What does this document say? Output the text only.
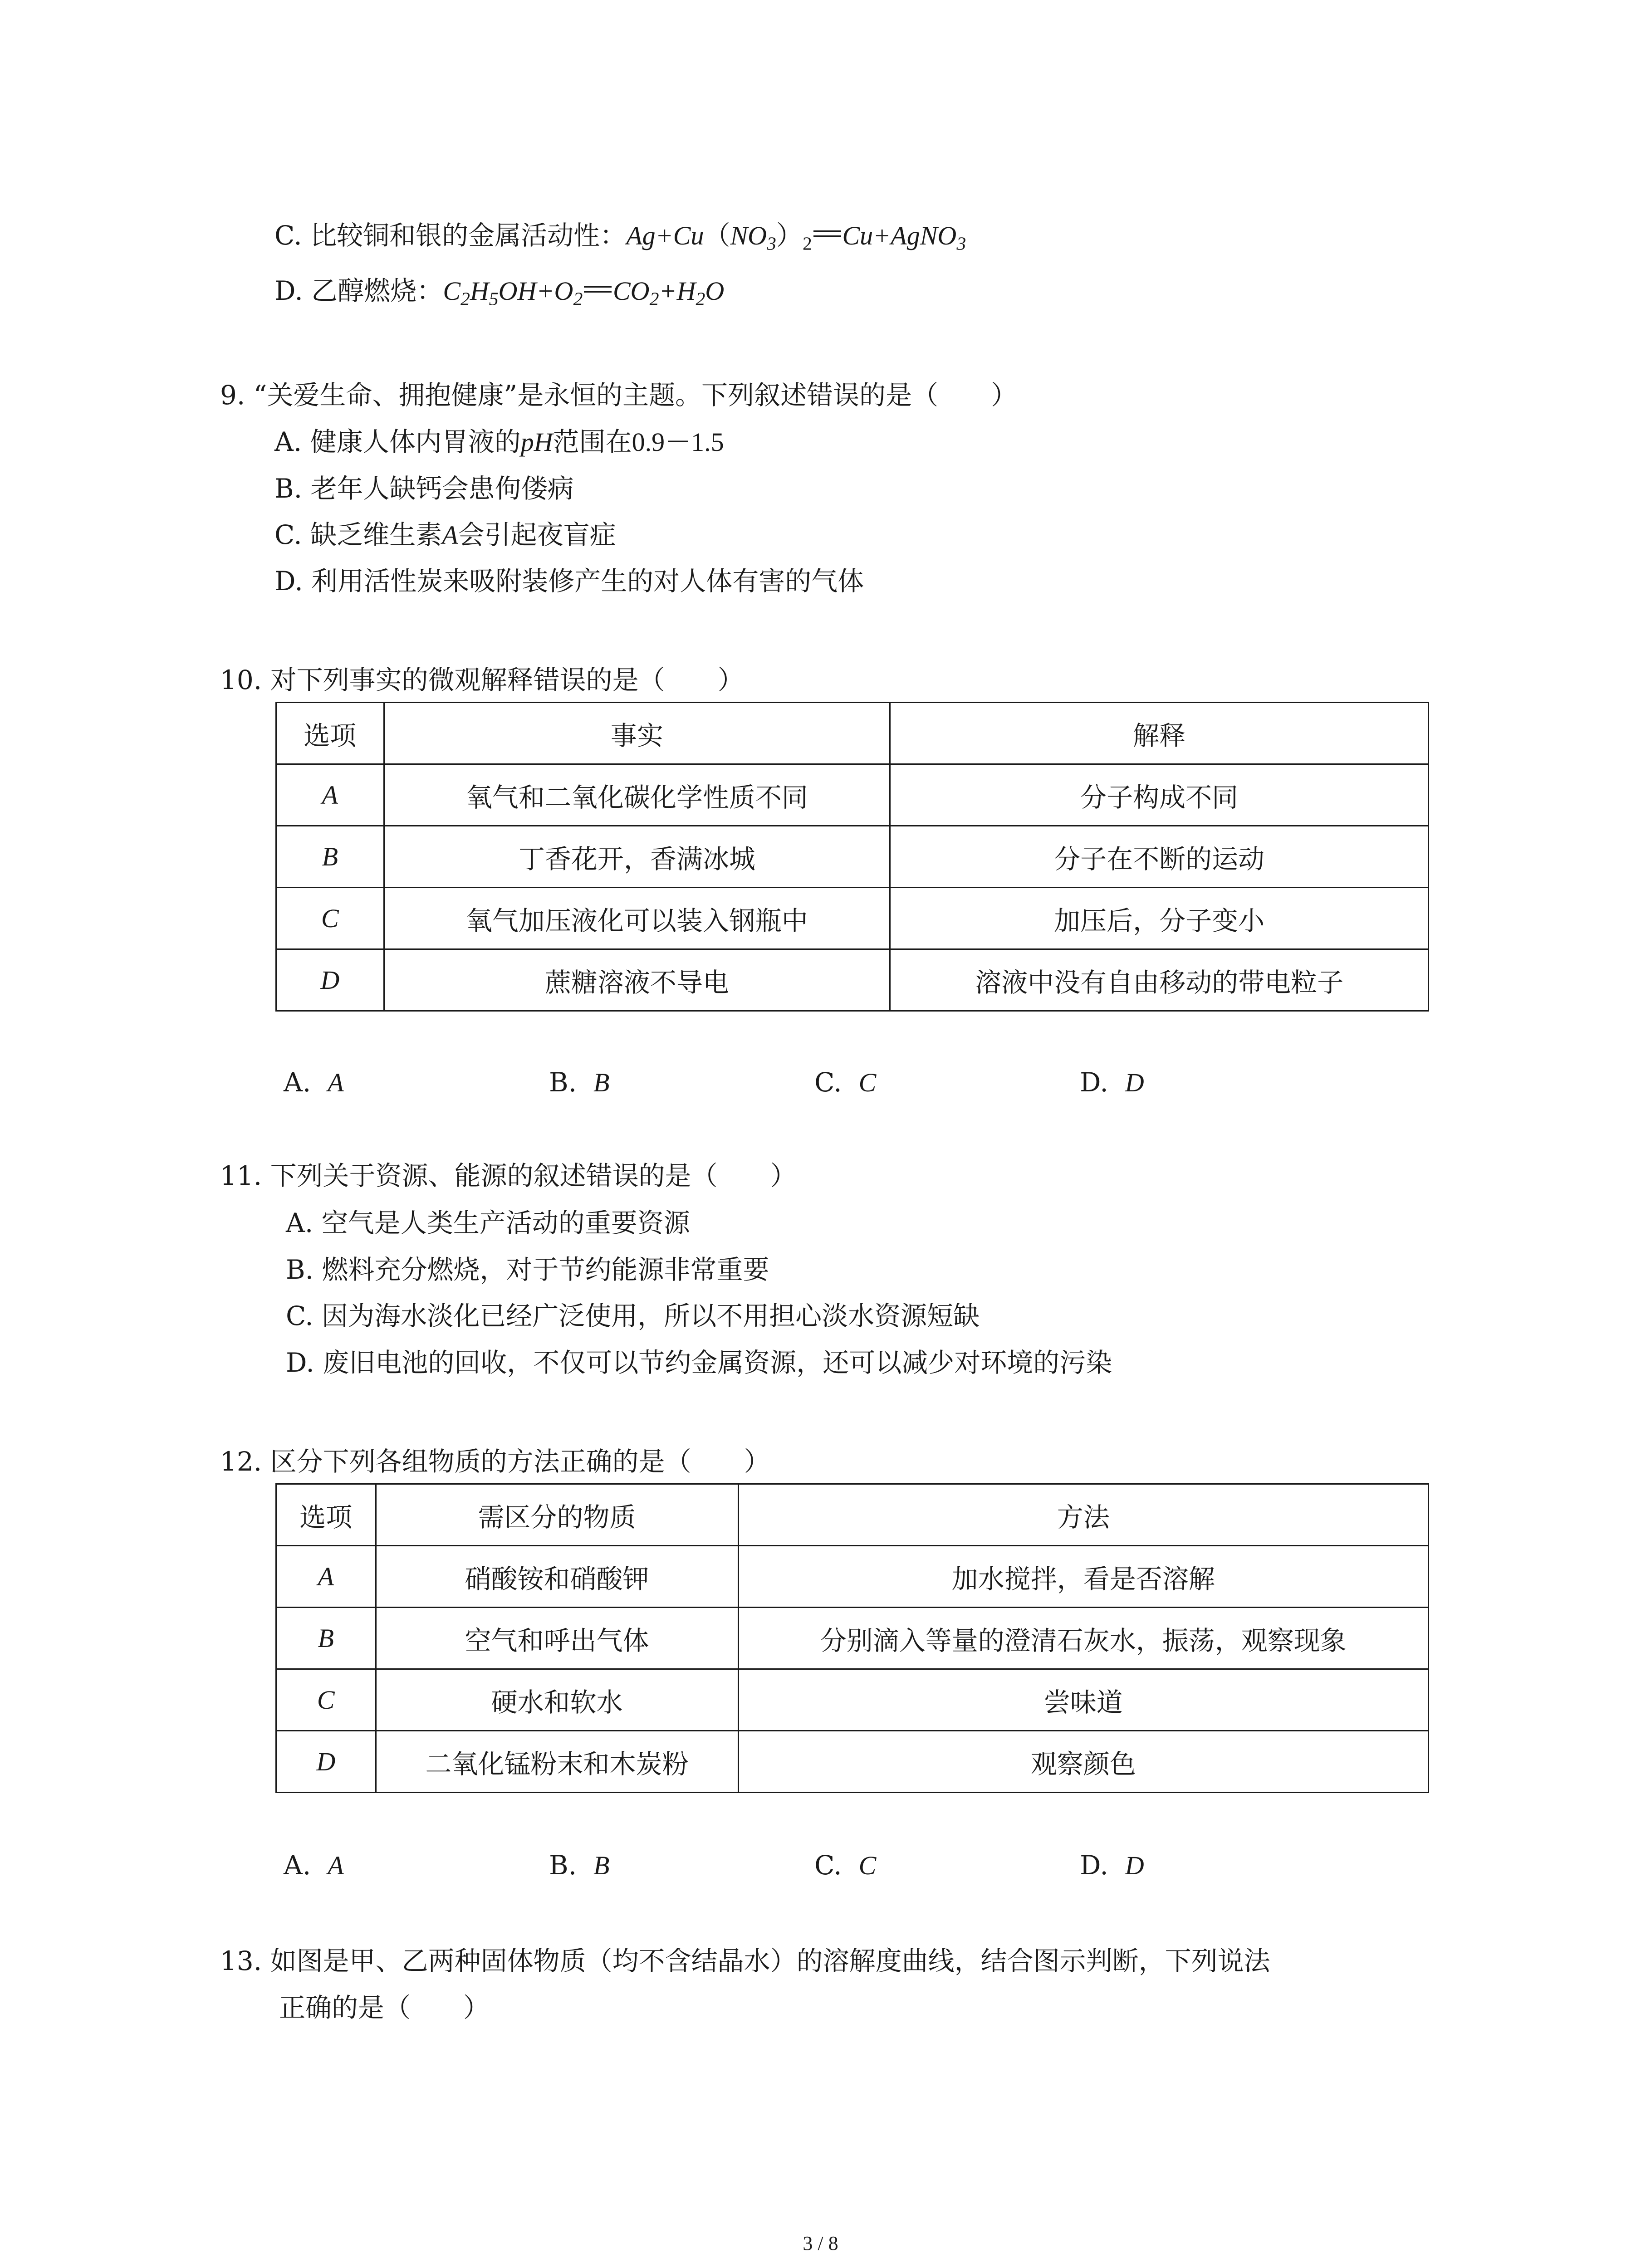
C. 比较铜和银的金属活动性：$Ag+Cu(NO_3)_2$ Cu+AgNO$_3$
D. 乙醇燃烧：$C_2H_5OH+O_2$ $CO_2+H_2O$
9. “关爱生命、拥抱健康”是永恒的主题。下列叙述错误的是（　　）
A. 健康人体内胃液的pH范围在0.9－1.5
B. 老年人缺钙会患佝偻病
C. 缺乏维生素A会引起夜盲症
D. 利用活性炭来吸附装修产生的对人体有害的气体
10. 对下列事实的微观解释错误的是（　　）
选项	事实	解释
A	氧气和二氧化碳化学性质不同	分子构成不同
B	丁香花开，香满冰城	分子在不断的运动
C	氧气加压液化可以装入钢瓶中	加压后，分子变小
D	蔗糖溶液不导电	溶液中没有自由移动的带电粒子
A. A	B. B	C. C	D. D
11. 下列关于资源、能源的叙述错误的是（　　）
A. 空气是人类生产活动的重要资源
B. 燃料充分燃烧，对于节约能源非常重要
C. 因为海水淡化已经广泛使用，所以不用担心淡水资源短缺
D. 废旧电池的回收，不仅可以节约金属资源，还可以减少对环境的污染
12. 区分下列各组物质的方法正确的是（　　）
选项	需区分的物质	方法
A	硝酸铵和硝酸钾	加水搅拌，看是否溶解
B	空气和呼出气体	分别滴入等量的澄清石灰水，振荡，观察现象
C	硬水和软水	尝味道
D	二氧化锰粉末和木炭粉	观察颜色
A. A	B. B	C. C	D. D
13. 如图是甲、乙两种固体物质（均不含结晶水）的溶解度曲线，结合图示判断，下列说法
正确的是（　　）
3 / 8
